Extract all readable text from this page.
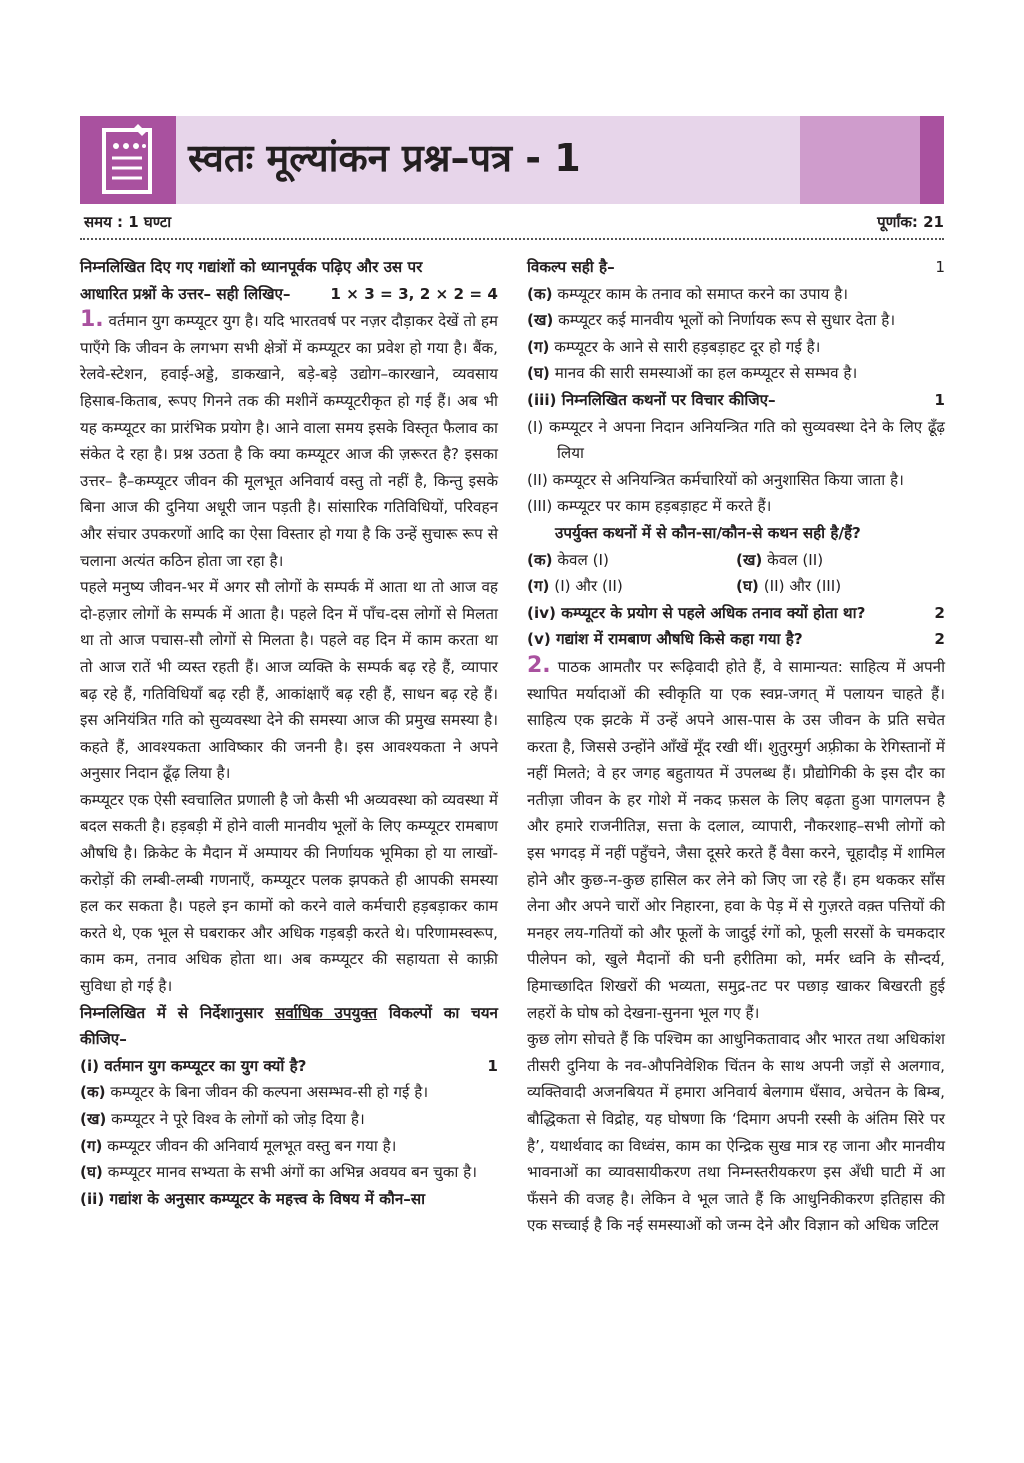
स्वतः मूल्यांकन प्रश्न–पत्र - 1
समय : 1 घण्टा	पूर्णांक: 21

निम्नलिखित दिए गए गद्यांशों को ध्यानपूर्वक पढ़िए और उस पर

आधारित प्रश्नों के उत्तर– सही लिखिए–	1 × 3 = 3, 2 × 2 = 4

1. वर्तमान युग कम्प्यूटर युग है। यदि भारतवर्ष पर नज़र दौड़ाकर देखें तो हम पाएँगे कि जीवन के लगभग सभी क्षेत्रों में कम्प्यूटर का प्रवेश हो गया है। बैंक, रेलवे-स्टेशन, हवाई-अड्डे, डाकखाने, बड़े-बड़े उद्योग–कारखाने, व्यवसाय हिसाब-किताब, रूपए गिनने तक की मशीनें कम्प्यूटरीकृत हो गई हैं। अब भी यह कम्प्यूटर का प्रारंभिक प्रयोग है। आने वाला समय इसके विस्तृत फैलाव का संकेत दे रहा है। प्रश्न उठता है कि क्या कम्प्यूटर आज की ज़रूरत है? इसका उत्तर– है–कम्प्यूटर जीवन की मूलभूत अनिवार्य वस्तु तो नहीं है, किन्तु इसके बिना आज की दुनिया अधूरी जान पड़ती है। सांसारिक गतिविधियों, परिवहन और संचार उपकरणों आदि का ऐसा विस्तार हो गया है कि उन्हें सुचारू रूप से चलाना अत्यंत कठिन होता जा रहा है।

पहले मनुष्य जीवन-भर में अगर सौ लोगों के सम्पर्क में आता था तो आज वह दो-हज़ार लोगों के सम्पर्क में आता है। पहले दिन में पाँच-दस लोगों से मिलता था तो आज पचास-सौ लोगों से मिलता है। पहले वह दिन में काम करता था तो आज रातें भी व्यस्त रहती हैं। आज व्यक्ति के सम्पर्क बढ़ रहे हैं, व्यापार बढ़ रहे हैं, गतिविधियाँ बढ़ रही हैं, आकांक्षाएँ बढ़ रही हैं, साधन बढ़ रहे हैं। इस अनियंत्रित गति को सुव्यवस्था देने की समस्या आज की प्रमुख समस्या है। कहते हैं, आवश्यकता आविष्कार की जननी है। इस आवश्यकता ने अपने अनुसार निदान ढूँढ़ लिया है।

कम्प्यूटर एक ऐसी स्वचालित प्रणाली है जो कैसी भी अव्यवस्था को व्यवस्था में बदल सकती है। हड़बड़ी में होने वाली मानवीय भूलों के लिए कम्प्यूटर रामबाण औषधि है। क्रिकेट के मैदान में अम्पायर की निर्णायक भूमिका हो या लाखों-करोड़ों की लम्बी-लम्बी गणनाएँ, कम्प्यूटर पलक झपकते ही आपकी समस्या हल कर सकता है। पहले इन कामों को करने वाले कर्मचारी हड़बड़ाकर काम करते थे, एक भूल से घबराकर और अधिक गड़बड़ी करते थे। परिणामस्वरूप, काम कम, तनाव अधिक होता था। अब कम्प्यूटर की सहायता से काफ़ी सुविधा हो गई है।

निम्नलिखित में से निर्देशानुसार सर्वाधिक उपयुक्त विकल्पों का चयन कीजिए–

(i) वर्तमान युग कम्प्यूटर का युग क्यों है?	1

(क) कम्प्यूटर के बिना जीवन की कल्पना असम्भव-सी हो गई है।

(ख) कम्प्यूटर ने पूरे विश्व के लोगों को जोड़ दिया है।

(ग) कम्प्यूटर जीवन की अनिवार्य मूलभूत वस्तु बन गया है।

(घ) कम्प्यूटर मानव सभ्यता के सभी अंगों का अभिन्न अवयव बन चुका है।

(ii) गद्यांश के अनुसार कम्प्यूटर के महत्त्व के विषय में कौन–सा

विकल्प सही है–	1

(क) कम्प्यूटर काम के तनाव को समाप्त करने का उपाय है।

(ख) कम्प्यूटर कई मानवीय भूलों को निर्णायक रूप से सुधार देता है।

(ग) कम्प्यूटर के आने से सारी हड़बड़ाहट दूर हो गई है।

(घ) मानव की सारी समस्याओं का हल कम्प्यूटर से सम्भव है।

(iii) निम्नलिखित कथनों पर विचार कीजिए–	1

(I) कम्प्यूटर ने अपना निदान अनियन्त्रित गति को सुव्यवस्था देने के लिए ढूँढ़ लिया

(II) कम्प्यूटर से अनियन्त्रित कर्मचारियों को अनुशासित किया जाता है।

(III) कम्प्यूटर पर काम हड़बड़ाहट में करते हैं।

उपर्युक्त कथनों में से कौन-सा/कौन-से कथन सही है/हैं?

(क) केवल (I)	(ख) केवल (II)
(ग) (I) और (II)	(घ) (II) और (III)
(iv) कम्प्यूटर के प्रयोग से पहले अधिक तनाव क्यों होता था?	2
(v) गद्यांश में रामबाण औषधि किसे कहा गया है?	2

2. पाठक आमतौर पर रूढ़िवादी होते हैं, वे सामान्यत: साहित्य में अपनी स्थापित मर्यादाओं की स्वीकृति या एक स्वप्न-जगत् में पलायन चाहते हैं। साहित्य एक झटके में उन्हें अपने आस-पास के उस जीवन के प्रति सचेत करता है, जिससे उन्होंने आँखें मूँद रखी थीं। शुतुरमुर्ग अफ़्रीका के रेगिस्तानों में नहीं मिलते; वे हर जगह बहुतायत में उपलब्ध हैं। प्रौद्योगिकी के इस दौर का नतीज़ा जीवन के हर गोशे में नकद फ़सल के लिए बढ़ता हुआ पागलपन है और हमारे राजनीतिज्ञ, सत्ता के दलाल, व्यापारी, नौकरशाह–सभी लोगों को इस भगदड़ में नहीं पहुँचने, जैसा दूसरे करते हैं वैसा करने, चूहादौड़ में शामिल होने और कुछ-न-कुछ हासिल कर लेने को जिए जा रहे हैं। हम थककर साँस लेना और अपने चारों ओर निहारना, हवा के पेड़ में से गुज़रते वक़्त पत्तियों की मनहर लय-गतियों को और फूलों के जादुई रंगों को, फूली सरसों के चमकदार पीलेपन को, खुले मैदानों की घनी हरीतिमा को, मर्मर ध्वनि के सौन्दर्य, हिमाच्छादित शिखरों की भव्यता, समुद्र-तट पर पछाड़ खाकर बिखरती हुई लहरों के घोष को देखना-सुनना भूल गए हैं।

कुछ लोग सोचते हैं कि पश्चिम का आधुनिकतावाद और भारत तथा अधिकांश तीसरी दुनिया के नव-औपनिवेशिक चिंतन के साथ अपनी जड़ों से अलगाव, व्यक्तिवादी अजनबियत में हमारा अनिवार्य बेलगाम धँसाव, अचेतन के बिम्ब, बौद्धिकता से विद्रोह, यह घोषणा कि ‘दिमाग अपनी रस्सी के अंतिम सिरे पर है’, यथार्थवाद का विध्वंस, काम का ऐन्द्रिक सुख मात्र रह जाना और मानवीय भावनाओं का व्यावसायीकरण तथा निम्नस्तरीयकरण इस अँधी घाटी में आ फँसने की वजह है। लेकिन वे भूल जाते हैं कि आधुनिकीकरण इतिहास की एक सच्चाई है कि नई समस्याओं को जन्म देने और विज्ञान को अधिक जटिल
